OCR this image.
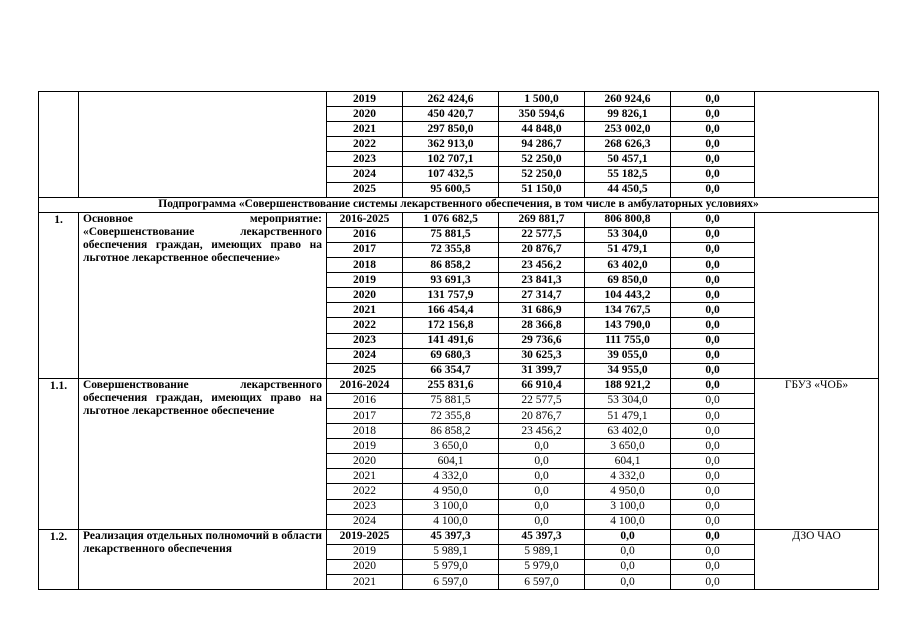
		2019	262 424,6	1 500,0	260 924,6	0,0	
		2020	450 420,7	350 594,6	99 826,1	0,0	
		2021	297 850,0	44 848,0	253 002,0	0,0	
		2022	362 913,0	94 286,7	268 626,3	0,0	
		2023	102 707,1	52 250,0	50 457,1	0,0	
		2024	107 432,5	52 250,0	55 182,5	0,0	
		2025	95 600,5	51 150,0	44 450,5	0,0	
Подпрограмма «Совершенствование системы лекарственного обеспечения, в том числе в амбулаторных условиях»							
1.	Основное мероприятие: «Совершенствование лекарственного обеспечения граждан, имеющих право на льготное лекарственное обеспечение»	2016-2025	1 076 682,5	269 881,7	806 800,8	0,0	
		2016	75 881,5	22 577,5	53 304,0	0,0	
		2017	72 355,8	20 876,7	51 479,1	0,0	
		2018	86 858,2	23 456,2	63 402,0	0,0	
		2019	93 691,3	23 841,3	69 850,0	0,0	
		2020	131 757,9	27 314,7	104 443,2	0,0	
		2021	166 454,4	31 686,9	134 767,5	0,0	
		2022	172 156,8	28 366,8	143 790,0	0,0	
		2023	141 491,6	29 736,6	111 755,0	0,0	
		2024	69 680,3	30 625,3	39 055,0	0,0	
		2025	66 354,7	31 399,7	34 955,0	0,0	
1.1.	Совершенствование лекарственного обеспечения граждан, имеющих право на льготное лекарственное обеспечение	2016-2024	255 831,6	66 910,4	188 921,2	0,0	ГБУЗ «ЧОБ»
		2016	75 881,5	22 577,5	53 304,0	0,0	
		2017	72 355,8	20 876,7	51 479,1	0,0	
		2018	86 858,2	23 456,2	63 402,0	0,0	
		2019	3 650,0	0,0	3 650,0	0,0	
		2020	604,1	0,0	604,1	0,0	
		2021	4 332,0	0,0	4 332,0	0,0	
		2022	4 950,0	0,0	4 950,0	0,0	
		2023	3 100,0	0,0	3 100,0	0,0	
		2024	4 100,0	0,0	4 100,0	0,0	
1.2.	Реализация отдельных полномочий в области лекарственного обеспечения	2019-2025	45 397,3	45 397,3	0,0	0,0	ДЗО ЧАО
		2019	5 989,1	5 989,1	0,0	0,0	
		2020	5 979,0	5 979,0	0,0	0,0	
		2021	6 597,0	6 597,0	0,0	0,0	
